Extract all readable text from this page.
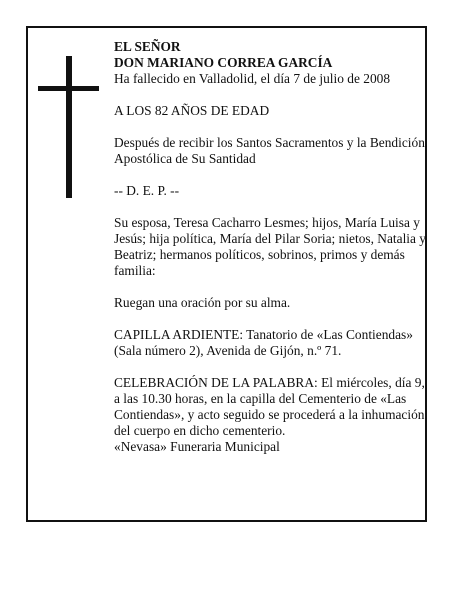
EL SEÑOR

DON MARIANO CORREA GARCÍA

Ha fallecido en Valladolid, el día 7 de julio de 2008

A LOS 82 AÑOS DE EDAD

Después de recibir los Santos Sacramentos y la Bendición Apostólica de Su Santidad

-- D. E. P. --

Su esposa, Teresa Cacharro Lesmes; hijos, María Luisa y Jesús; hija política, María del Pilar Soria; nietos, Natalia y Beatriz; hermanos políticos, sobrinos, primos y demás familia:

Ruegan una oración por su alma.

CAPILLA ARDIENTE: Tanatorio de «Las Contiendas» (Sala número 2), Avenida de Gijón, n.º 71.

CELEBRACIÓN DE LA PALABRA: El miércoles, día 9, a las 10.30 horas, en la capilla del Cementerio de «Las Contiendas», y acto seguido se procederá a la inhumación del cuerpo en dicho cementerio.

«Nevasa» Funeraria Municipal
